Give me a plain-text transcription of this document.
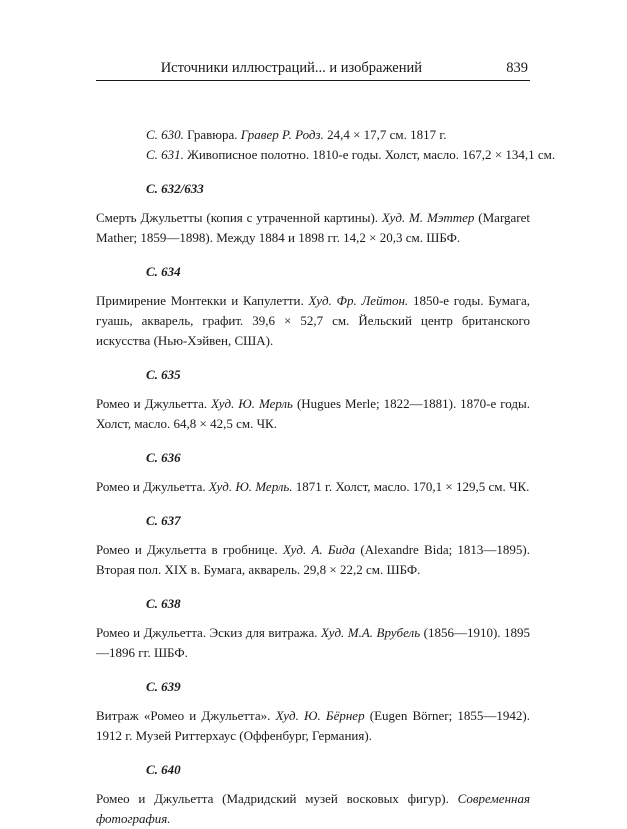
Источники иллюстраций... и изображений	839

С. 630. Гравюра. Гравер Р. Родз. 24,4 × 17,7 см. 1817 г.

С. 631. Живописное полотно. 1810-е годы. Холст, масло. 167,2 × 134,1 см.

С. 632/633

Смерть Джульетты (копия с утраченной картины). Худ. М. Мэттер (Margaret Mather; 1859—1898). Между 1884 и 1898 гг. 14,2 × 20,3 см. ШБФ.

С. 634

Примирение Монтекки и Капулетти. Худ. Фр. Лейтон. 1850-е годы. Бумага, гуашь, акварель, графит. 39,6 × 52,7 см. Йельский центр британского искусства (Нью-Хэйвен, США).

С. 635

Ромео и Джульетта. Худ. Ю. Мерль (Hugues Merle; 1822—1881). 1870-е годы. Холст, масло. 64,8 × 42,5 см. ЧК.

С. 636

Ромео и Джульетта. Худ. Ю. Мерль. 1871 г. Холст, масло. 170,1 × 129,5 см. ЧК.

С. 637

Ромео и Джульетта в гробнице. Худ. А. Бида (Alexandre Bida; 1813—1895). Вторая пол. XIX в. Бумага, акварель. 29,8 × 22,2 см. ШБФ.

С. 638

Ромео и Джульетта. Эскиз для витража. Худ. М.А. Врубель (1856—1910). 1895—1896 гг. ШБФ.

С. 639

Витраж «Ромео и Джульетта». Худ. Ю. Бёрнер (Eugen Börner; 1855—1942). 1912 г. Музей Риттерхаус (Оффенбург, Германия).

С. 640

Ромео и Джульетта (Мадридский музей восковых фигур). Современная фотография.
